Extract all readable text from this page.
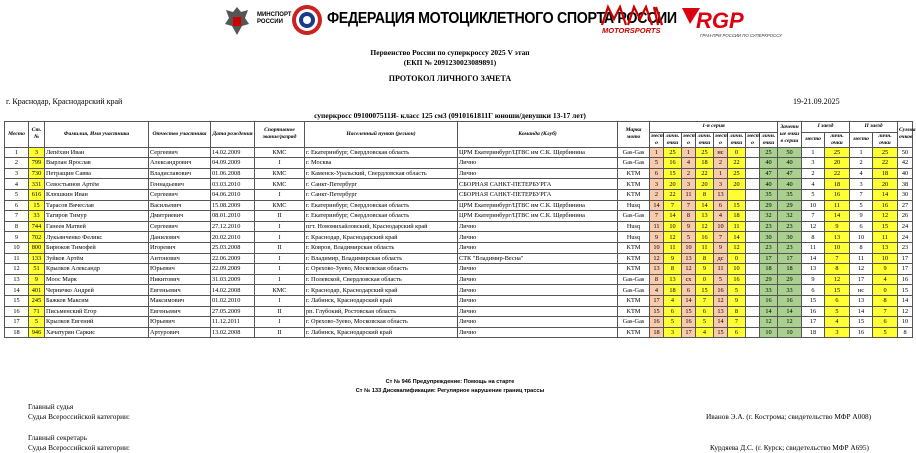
МИНСПОРТ
РОССИИ	ФЕДЕРАЦИЯ МОТОЦИКЛЕТНОГО СПОРТА РОССИИ
MOTORSPORTS RGP
ГРАН-ПРИ РОССИИ ПО СУПЕРКРОССУ
Первенство России по суперкроссу 2025 V этап
(ЕКП № 2091230023089891)
ПРОТОКОЛ ЛИЧНОГО ЗАЧЕТА
г. Краснодар, Краснодарский край	19-21.09.2025
суперкросс 0910007511Я- класс 125 см3 (0910161811Г юноши/девушки 13-17 лет)
Место	Ст. №	Фамилия, Имя участника	Отчество участника	Дата рождения	Спортивное звание/разряд	Населенный пункт (регион)	Команда (Клуб)	Марка мото	1-я серия								Зачетн ые очки в серии	I заезд		II заезд		Сумма очков
									мест о	личн. очки	мест о	личн. очки	мест о	личн. очки	мест о	личн. очки		место	личн. очки	место	личн. очки	
1	3	Лепёхин Иван	Сергеевич	14.02.2009	КМС	г. Екатеринбург, Свердловская область	ЦРМ Екатеринбург/ЦТВС им С.К. Щербинина	Gas-Gas	1	25	1	25	нс	0		25	50	1	25	1	25	50
2	799	Вырлан Ярослав	Александрович	04.09.2009	I	г. Москва	Лично	Gas-Gas	5	16	4	18	2	22		40	40	3	20	2	22	42
3	730	Петращин Савва	Владиславович	01.06.2008	КМС	г. Каменск-Уральский, Свердловская область	Лично	KTM	6	15	2	22	1	25		47	47	2	22	4	18	40
4	331	Севостьянов Артём	Геннадьевич	03.03.2010	КМС	г. Санкт-Петербург	СБОРНАЯ САНКТ-ПЕТЕРБУРГА	KTM	3	20	3	20	3	20		40	40	4	18	3	20	38
5	616	Клюшкин Иван	Сергеевич	04.06.2010	I	г. Санкт-Петербург	СБОРНАЯ САНКТ-ПЕТЕРБУРГА	KTM	2	22	11	8	13			35	35	5	16	7	14	30
6	15	Тарасов Вячеслав	Васильевич	15.08.2009	КМС	г. Екатеринбург, Свердловская область	ЦРМ Екатеринбург/ЦТВС им С.К. Щербинина	Husq	14	7	7	14	6	15		29	29	10	11	5	16	27
7	33	Тагиров Тимур	Дмитриевич	08.01.2010	II	г. Екатеринбург, Свердловская область	ЦРМ Екатеринбург/ЦТВС им С.К. Щербинина	Gas-Gas	7	14	8	13	4	18		32	32	7	14	9	12	26
8	744	Ганеев Матвей	Сергеевич	27.12.2010	I	пгт. Новомихайловский, Краснодарский край	Лично	Husq	11	10	9	12	10	11		23	23	12	9	6	15	24
9	702	Лукьянченко Феликс	Данилович	20.02.2010	I	г. Краснодар, Краснодарский край	Лично	Husq	9	12	5	16	7	14		30	30	8	13	10	11	24
10	800	Бирюков Тимофей	Игоревич	25.03.2008	II	г. Ковров, Владимирская область	Лично	KTM	10	11	10	11	9	12		23	23	11	10	8	13	23
11	133	Зуйков Артём	Антонович	22.06.2009	I	г. Владимир, Владимирская область	СТК "Владимир-Весна"	KTM	12	9	13	8	дс	0		17	17	14	7	11	10	17
12	51	Крылков Александр	Юрьевич	22.09.2009	I	г. Орехово-Зуево, Московская область	Лично	KTM	13	8	12	9	11	10		18	18	13	8	12	9	17
13	9	Моос Марк	Никитович	31.03.2009	I	г. Полевской, Свердловская область	Лично	Gas-Gas	8	13	сх	0	5	16		29	29	9	12	17	4	16
14	401	Черничко Андрей	Евгеньевич	14.02.2008	КМС	г. Краснодар, Краснодарский край	Лично	Gas-Gas	4	18	6	15	16	5		33	33	6	15	нс	0	15
15	245	Бажков Максим	Максимович	01.02.2010	I	г. Лабинск, Краснодарский край	Лично	KTM	17	4	14	7	12	9		16	16	15	6	13	8	14
16	71	Письменский Егор	Евгеньевич	27.05.2009	II	рп. Глубокий, Ростовская область	Лично	KTM	15	6	15	6	13	8		14	14	16	5	14	7	12
17	5	Крылков Евгений	Юрьевич	11.12.2011	I	г. Орехово-Зуево, Московская область	Лично	Gas-Gas	16	5	16	5	14	7		12	12	17	4	15	6	10
18	946	Хачатурян Саркис	Артурович	13.02.2008	II	г. Лабинск, Краснодарский край	Лично	KTM	18	3	17	4	15	6		10	10	18	3	16	5	8
Ст № 946 Предупреждение: Помощь на старте
Ст № 133 Дисквалификация: Регулярное нарушение границ трассы
Главный судья
Судья Всероссийской категории:	Иванов Э.А. (г. Кострома; свидетельство МФР А008)
Главный секретарь
Судья Всероссийской категории:	Курдяева Д.С. (г. Курск; свидетельство МФР А695)
